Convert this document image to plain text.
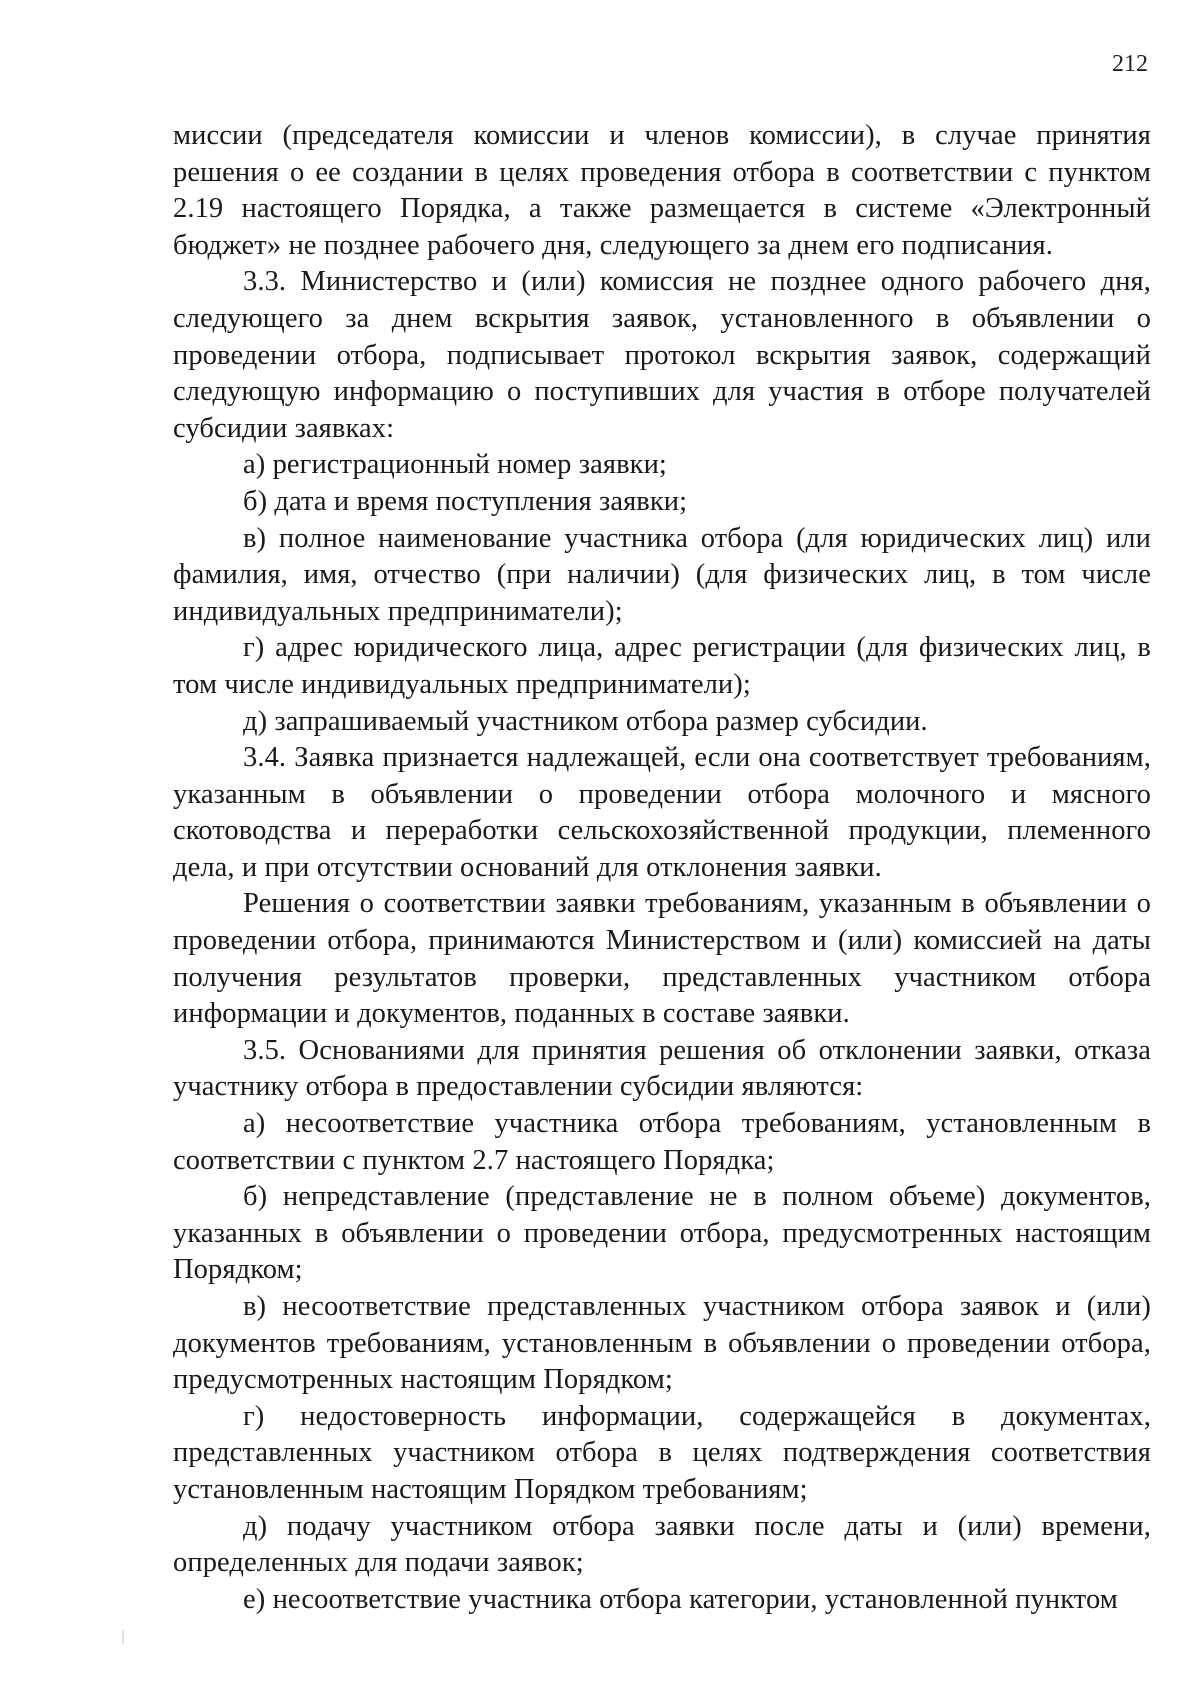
212

миссии (председателя комиссии и членов комиссии), в случае принятия решения о ее создании в целях проведения отбора в соответствии с пунктом 2.19 настоящего Порядка, а также размещается в системе «Электронный бюджет» не позднее рабочего дня, следующего за днем его подписания.

3.3. Министерство и (или) комиссия не позднее одного рабочего дня, следующего за днем вскрытия заявок, установленного в объявлении о проведении отбора, подписывает протокол вскрытия заявок, содержащий следующую информацию о поступивших для участия в отборе получателей субсидии заявках:

а) регистрационный номер заявки;

б) дата и время поступления заявки;

в) полное наименование участника отбора (для юридических лиц) или фамилия, имя, отчество (при наличии) (для физических лиц, в том числе индивидуальных предприниматели);

г) адрес юридического лица, адрес регистрации (для физических лиц, в том числе индивидуальных предприниматели);

д) запрашиваемый участником отбора размер субсидии.

3.4. Заявка признается надлежащей, если она соответствует требованиям, указанным в объявлении о проведении отбора молочного и мясного скотоводства и переработки сельскохозяйственной продукции, племенного дела, и при отсутствии оснований для отклонения заявки.

Решения о соответствии заявки требованиям, указанным в объявлении о проведении отбора, принимаются Министерством и (или) комиссией на даты получения результатов проверки, представленных участником отбора информации и документов, поданных в составе заявки.

3.5. Основаниями для принятия решения об отклонении заявки, отказа участнику отбора в предоставлении субсидии являются:

а) несоответствие участника отбора требованиям, установленным в соответствии с пунктом 2.7 настоящего Порядка;

б) непредставление (представление не в полном объеме) документов, указанных в объявлении о проведении отбора, предусмотренных настоящим Порядком;

в) несоответствие представленных участником отбора заявок и (или) документов требованиям, установленным в объявлении о проведении отбора, предусмотренных настоящим Порядком;

г) недостоверность информации, содержащейся в документах, представленных участником отбора в целях подтверждения соответствия установленным настоящим Порядком требованиям;

д) подачу участником отбора заявки после даты и (или) времени, определенных для подачи заявок;

е) несоответствие участника отбора категории, установленной пунктом
